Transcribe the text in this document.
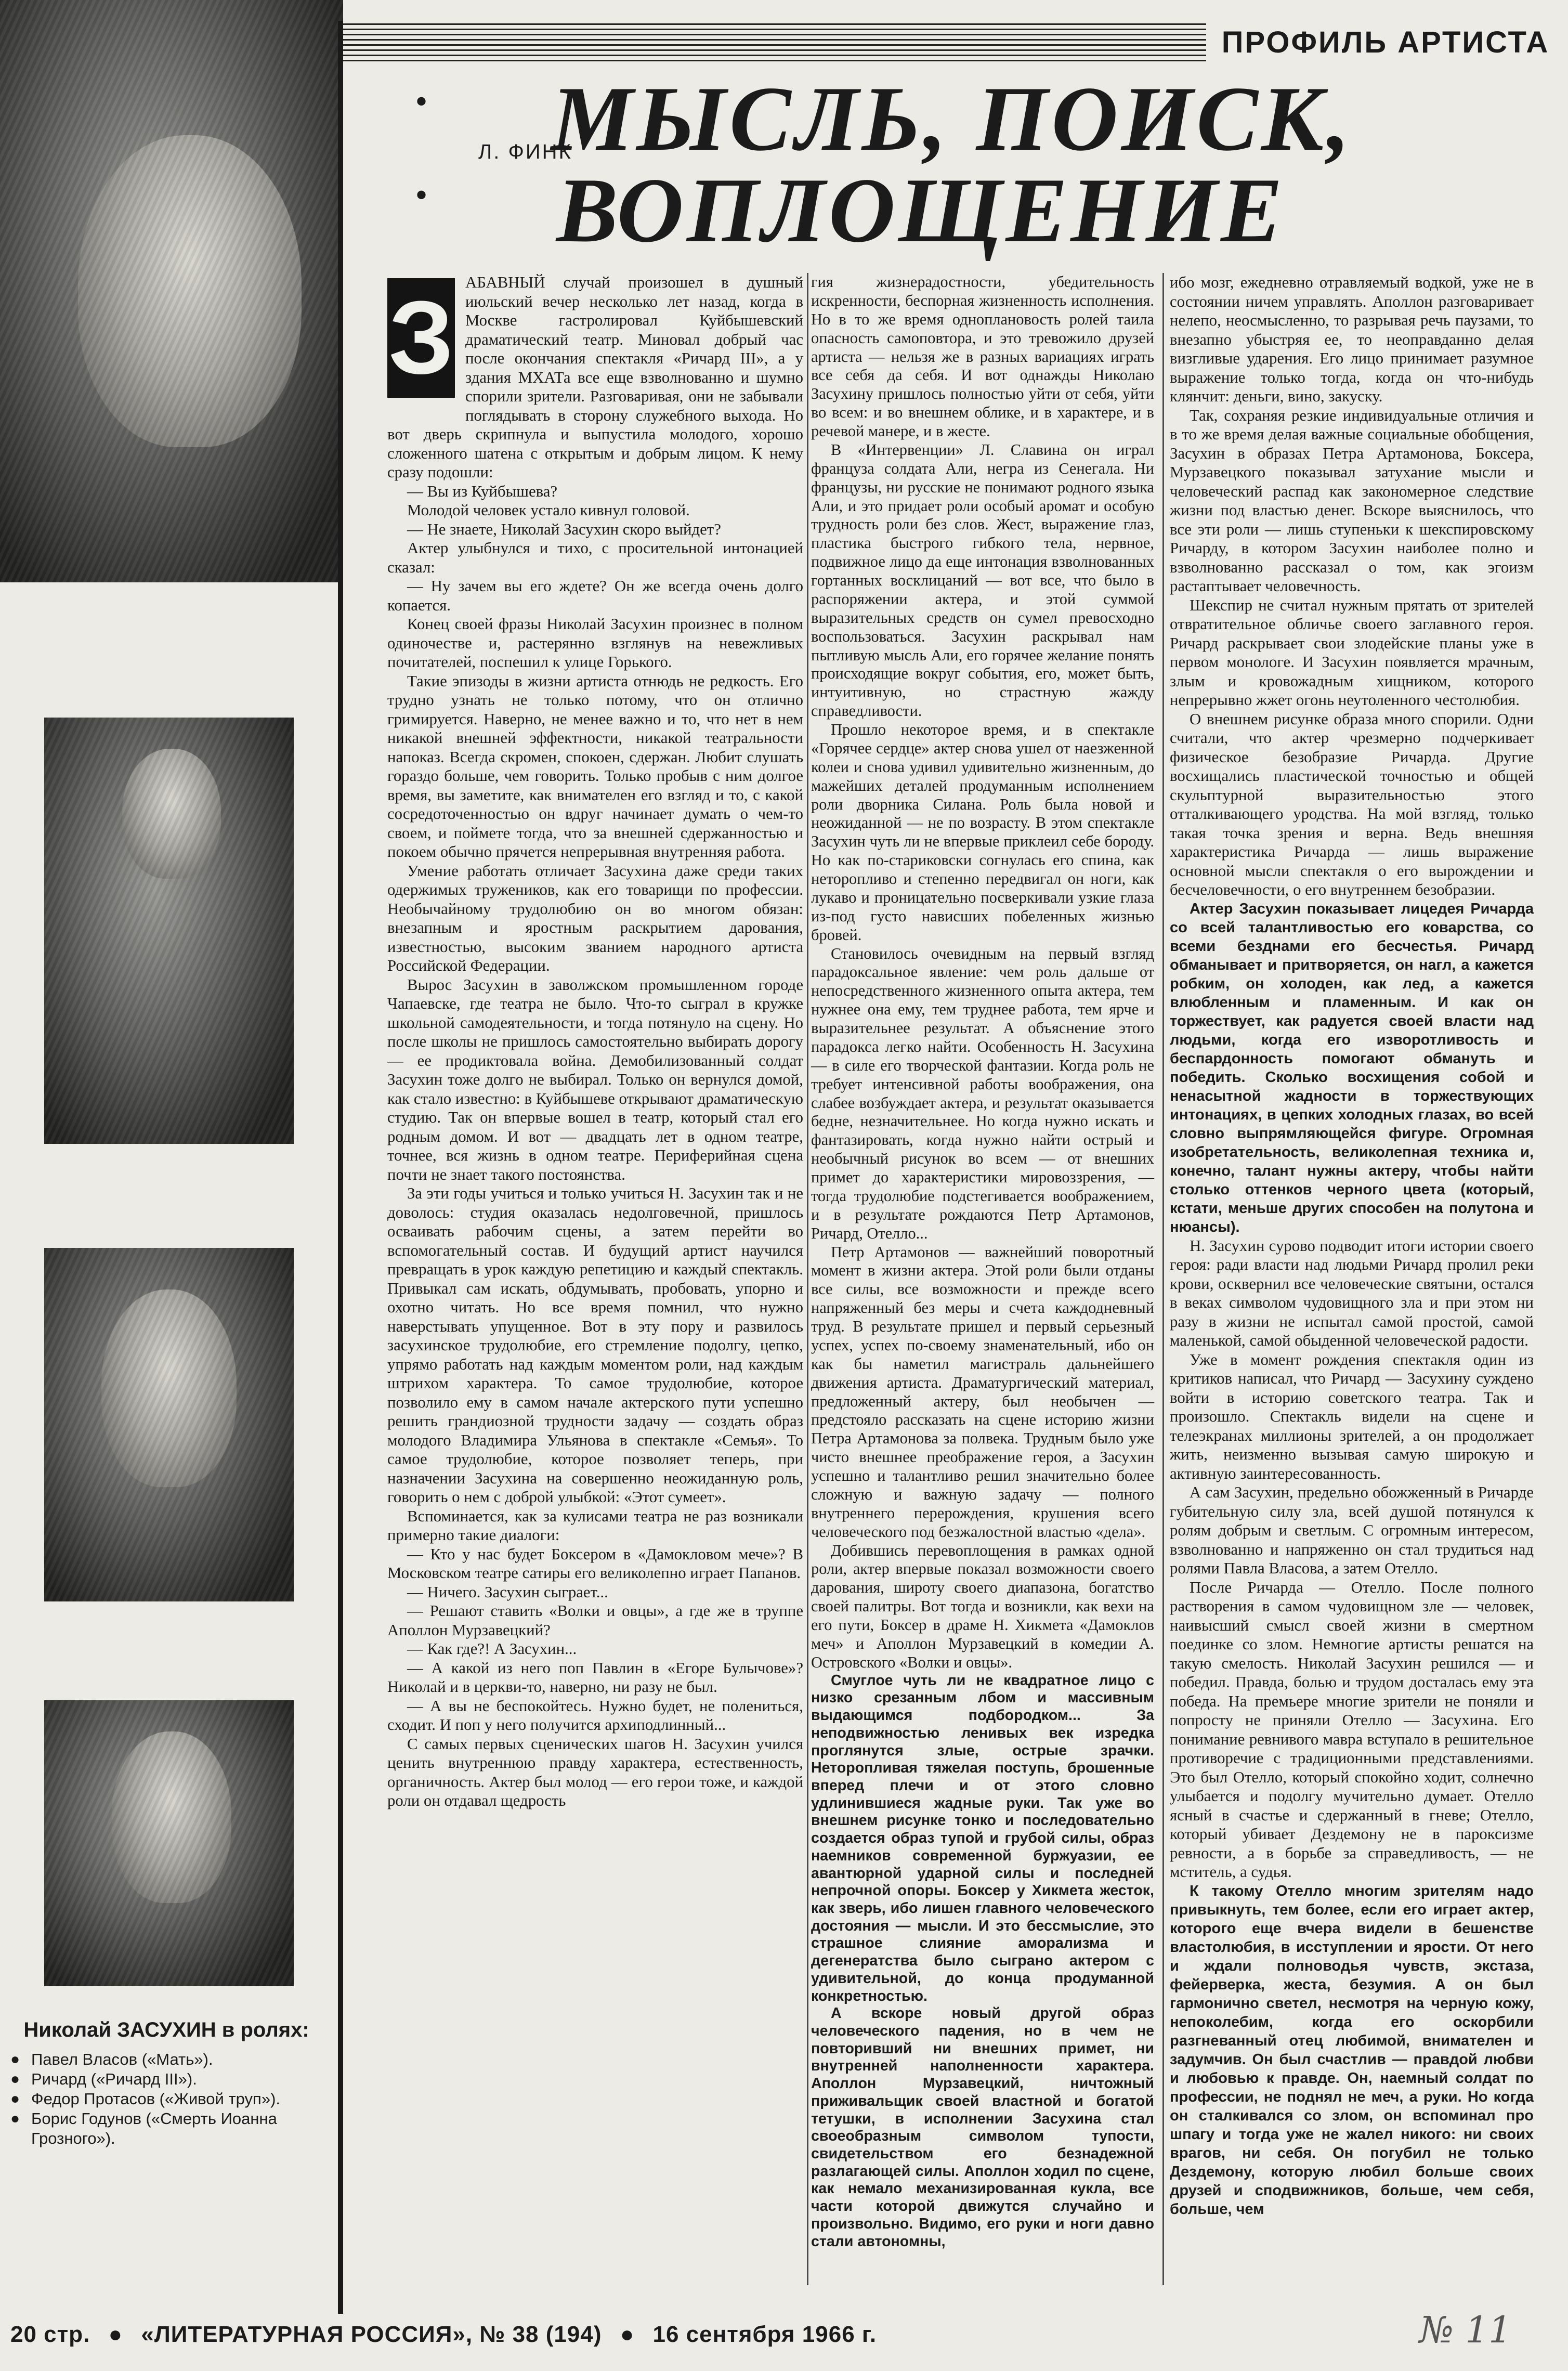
Николай ЗАСУХИН в ролях:
● Павел Власов («Мать»).
● Ричард («Ричард III»).
● Федор Протасов («Живой труп»).
● Борис Годунов («Смерть Иоанна Грозного»).
ПРОФИЛЬ АРТИСТА
•

•
Л. ФИНК
МЫСЛЬ, ПОИСК,
ВОПЛОЩЕНИЕ
З АБАВНЫЙ случай произошел в душный июльский вечер несколько лет назад, когда в Москве гастролировал Куйбышевский драматический театр. Миновал добрый час после окончания спектакля «Ричард III», а у здания МХАТа все еще взволнованно и шумно спорили зрители. Разговаривая, они не забывали поглядывать в сторону служебного выхода. Но вот дверь скрипнула и выпустила молодого, хорошо сложенного шатена с открытым и добрым лицом. К нему сразу подошли:

— Вы из Куйбышева?

Молодой человек устало кивнул головой.

— Не знаете, Николай Засухин скоро выйдет?

Актер улыбнулся и тихо, с просительной интонацией сказал:

— Ну зачем вы его ждете? Он же всегда очень долго копается.

Конец своей фразы Николай Засухин произнес в полном одиночестве и, растерянно взглянув на невежливых почитателей, поспешил к улице Горького.

Такие эпизоды в жизни артиста отнюдь не редкость. Его трудно узнать не только потому, что он отлично гримируется. Наверно, не менее важно и то, что нет в нем никакой внешней эффектности, никакой театральности напоказ. Всегда скромен, спокоен, сдержан. Любит слушать гораздо больше, чем говорить. Только пробыв с ним долгое время, вы заметите, как внимателен его взгляд и то, с какой сосредоточенностью он вдруг начинает думать о чем-то своем, и поймете тогда, что за внешней сдержанностью и покоем обычно прячется непрерывная внутренняя работа.

Умение работать отличает Засухина даже среди таких одержимых тружеников, как его товарищи по профессии. Необычайному трудолюбию он во многом обязан: внезапным и яростным раскрытием дарования, известностью, высоким званием народного артиста Российской Федерации.

Вырос Засухин в заволжском промышленном городе Чапаевске, где театра не было. Что-то сыграл в кружке школьной самодеятельности, и тогда потянуло на сцену. Но после школы не пришлось самостоятельно выбирать дорогу — ее продиктовала война. Демобилизованный солдат Засухин тоже долго не выбирал. Только он вернулся домой, как стало известно: в Куйбышеве открывают драматическую студию. Так он впервые вошел в театр, который стал его родным домом. И вот — двадцать лет в одном театре, точнее, вся жизнь в одном театре. Периферийная сцена почти не знает такого постоянства.

За эти годы учиться и только учиться Н. Засухин так и не доволось: студия оказалась недолговечной, пришлось осваивать рабочим сцены, а затем перейти во вспомогательный состав. И будущий артист научился превращать в урок каждую репетицию и каждый спектакль. Привыкал сам искать, обдумывать, пробовать, упорно и охотно читать. Но все время помнил, что нужно наверстывать упущенное. Вот в эту пору и развилось засухинское трудолюбие, его стремление подолгу, цепко, упрямо работать над каждым моментом роли, над каждым штрихом характера. То самое трудолюбие, которое позволило ему в самом начале актерского пути успешно решить грандиозной трудности задачу — создать образ молодого Владимира Ульянова в спектакле «Семья». То самое трудолюбие, которое позволяет теперь, при назначении Засухина на совершенно неожиданную роль, говорить о нем с доброй улыбкой: «Этот сумеет».

Вспоминается, как за кулисами театра не раз возникали примерно такие диалоги:

— Кто у нас будет Боксером в «Дамокловом мече»? В Московском театре сатиры его великолепно играет Папанов.

— Ничего. Засухин сыграет...

— Решают ставить «Волки и овцы», а где же в труппе Аполлон Мурзавецкий?

— Как где?! А Засухин...

— А какой из него поп Павлин в «Егоре Булычове»? Николай и в церкви-то, наверно, ни разу не был.

— А вы не беспокойтесь. Нужно будет, не полениться, сходит. И поп у него получится архиподлинный...

С самых первых сценических шагов Н. Засухин учился ценить внутреннюю правду характера, естественность, органичность. Актер был молод — его герои тоже, и каждой роли он отдавал щедрость

гия жизнерадостности, убедительность искренности, беспорная жизненность исполнения. Но в то же время одноплановость ролей таила опасность самоповтора, и это тревожило друзей артиста — нельзя же в разных вариациях играть все себя да себя. И вот однажды Николаю Засухину пришлось полностью уйти от себя, уйти во всем: и во внешнем облике, и в характере, и в речевой манере, и в жесте.

В «Интервенции» Л. Славина он играл француза солдата Али, негра из Сенегала. Ни французы, ни русские не понимают родного языка Али, и это придает роли особый аромат и особую трудность роли без слов. Жест, выражение глаз, пластика быстрого гибкого тела, нервное, подвижное лицо да еще интонация взволнованных гортанных восклицаний — вот все, что было в распоряжении актера, и этой суммой выразительных средств он сумел превосходно воспользоваться. Засухин раскрывал нам пытливую мысль Али, его горячее желание понять происходящие вокруг события, его, может быть, интуитивную, но страстную жажду справедливости.

Прошло некоторое время, и в спектакле «Горячее сердце» актер снова ушел от наезженной колеи и снова удивил удивительно жизненным, до мажейших деталей продуманным исполнением роли дворника Силана. Роль была новой и неожиданной — не по возрасту. В этом спектакле Засухин чуть ли не впервые приклеил себе бороду. Но как по-стариковски согнулась его спина, как неторопливо и степенно передвигал он ноги, как лукаво и проницательно посверкивали узкие глаза из-под густо нависших побеленных жизнью бровей.

Становилось очевидным на первый взгляд парадоксальное явление: чем роль дальше от непосредственного жизненного опыта актера, тем нужнее она ему, тем труднее работа, тем ярче и выразительнее результат. А объяснение этого парадокса легко найти. Особенность Н. Засухина — в силе его творческой фантазии. Когда роль не требует интенсивной работы воображения, она слабее возбуждает актера, и результат оказывается бедне, незначительнее. Но когда нужно искать и фантазировать, когда нужно найти острый и необычный рисунок во всем — от внешних примет до характеристики мировоззрения, — тогда трудолюбие подстегивается воображением, и в результате рождаются Петр Артамонов, Ричард, Отелло...

Петр Артамонов — важнейший поворотный момент в жизни актера. Этой роли были отданы все силы, все возможности и прежде всего напряженный без меры и счета каждодневный труд. В результате пришел и первый серьезный успех, успех по-своему знаменательный, ибо он как бы наметил магистраль дальнейшего движения артиста. Драматургический материал, предложенный актеру, был необычен — предстояло рассказать на сцене историю жизни Петра Артамонова за полвека. Трудным было уже чисто внешнее преображение героя, а Засухин успешно и талантливо решил значительно более сложную и важную задачу — полного внутреннего перерождения, крушения всего человеческого под безжалостной властью «дела».

Добившись перевоплощения в рамках одной роли, актер впервые показал возможности своего дарования, широту своего диапазона, богатство своей палитры. Вот тогда и возникли, как вехи на его пути, Боксер в драме Н. Хикмета «Дамоклов меч» и Аполлон Мурзавецкий в комедии А. Островского «Волки и овцы».

Смуглое чуть ли не квадратное лицо с низко срезанным лбом и массивным выдающимся подбородком... За неподвижностью ленивых век изредка проглянутся злые, острые зрачки. Неторопливая тяжелая поступь, брошенные вперед плечи и от этого словно удлинившиеся жадные руки. Так уже во внешнем рисунке тонко и последовательно создается образ тупой и грубой силы, образ наемников современной буржуазии, ее авантюрной ударной силы и последней непрочной опоры. Боксер у Хикмета жесток, как зверь, ибо лишен главного человеческого достояния — мысли. И это бессмыслие, это страшное слияние аморализма и дегенератства было сыграно актером с удивительной, до конца продуманной конкретностью.

А вскоре новый другой образ человеческого падения, но в чем не повторивший ни внешних примет, ни внутренней наполненности характера. Аполлон Мурзавецкий, ничтожный приживальщик своей властной и богатой тетушки, в исполнении Засухина стал своеобразным символом тупости, свидетельством его безнадежной разлагающей силы. Аполлон ходил по сцене, как немало механизированная кукла, все части которой движутся случайно и произвольно. Видимо, его руки и ноги давно стали автономны,

ибо мозг, ежедневно отравляемый водкой, уже не в состоянии ничем управлять. Аполлон разговаривает нелепо, неосмысленно, то разрывая речь паузами, то внезапно убыстряя ее, то неоправданно делая визгливые ударения. Его лицо принимает разумное выражение только тогда, когда он что-нибудь клянчит: деньги, вино, закуску.

Так, сохраняя резкие индивидуальные отличия и в то же время делая важные социальные обобщения, Засухин в образах Петра Артамонова, Боксера, Мурзавецкого показывал затухание мысли и человеческий распад как закономерное следствие жизни под властью денег. Вскоре выяснилось, что все эти роли — лишь ступеньки к шекспировскому Ричарду, в котором Засухин наиболее полно и взволнованно рассказал о том, как эгоизм растаптывает человечность.

Шекспир не считал нужным прятать от зрителей отвратительное обличье своего заглавного героя. Ричард раскрывает свои злодейские планы уже в первом монологе. И Засухин появляется мрачным, злым и кровожадным хищником, которого непрерывно жжет огонь неутоленного честолюбия.

О внешнем рисунке образа много спорили. Одни считали, что актер чрезмерно подчеркивает физическое безобразие Ричарда. Другие восхищались пластической точностью и общей скульптурной выразительностью этого отталкивающего уродства. На мой взгляд, только такая точка зрения и верна. Ведь внешняя характеристика Ричарда — лишь выражение основной мысли спектакля о его вырождении и бесчеловечности, о его внутреннем безобразии.

Актер Засухин показывает лицедея Ричарда со всей талантливостью его коварства, со всеми безднами его бесчестья. Ричард обманывает и притворяется, он нагл, а кажется робким, он холоден, как лед, а кажется влюбленным и пламенным. И как он торжествует, как радуется своей власти над людьми, когда его изворотливость и беспардонность помогают обмануть и победить. Сколько восхищения собой и ненасытной жадности в торжествующих интонациях, в цепких холодных глазах, во всей словно выпрямляющейся фигуре. Огромная изобретательность, великолепная техника и, конечно, талант нужны актеру, чтобы найти столько оттенков черного цвета (который, кстати, меньше других способен на полутона и нюансы).

Н. Засухин сурово подводит итоги истории своего героя: ради власти над людьми Ричард пролил реки крови, осквернил все человеческие святыни, остался в веках символом чудовищного зла и при этом ни разу в жизни не испытал самой простой, самой маленькой, самой обыденной человеческой радости.

Уже в момент рождения спектакля один из критиков написал, что Ричард — Засухину суждено войти в историю советского театра. Так и произошло. Спектакль видели на сцене и телеэкранах миллионы зрителей, а он продолжает жить, неизменно вызывая самую широкую и активную заинтересованность.

А сам Засухин, предельно обожженный в Ричарде губительную силу зла, всей душой потянулся к ролям добрым и светлым. С огромным интересом, взволнованно и напряженно он стал трудиться над ролями Павла Власова, а затем Отелло.

После Ричарда — Отелло. После полного растворения в самом чудовищном зле — человек, наивысший смысл своей жизни в смертном поединке со злом. Немногие артисты решатся на такую смелость. Николай Засухин решился — и победил. Правда, болью и трудом досталась ему эта победа. На премьере многие зрители не поняли и попросту не приняли Отелло — Засухина. Его понимание ревнивого мавра вступало в решительное противоречие с традиционными представлениями. Это был Отелло, который спокойно ходит, солнечно улыбается и подолгу мучительно думает. Отелло ясный в счастье и сдержанный в гневе; Отелло, который убивает Дездемону не в пароксизме ревности, а в борьбе за справедливость, — не мститель, а судья.

К такому Отелло многим зрителям надо привыкнуть, тем более, если его играет актер, которого еще вчера видели в бешенстве властолюбия, в исступлении и ярости. От него и ждали полноводья чувств, экстаза, фейерверка, жеста, безумия. А он был гармонично светел, несмотря на черную кожу, непоколебим, когда его оскорбили разгневанный отец любимой, внимателен и задумчив. Он был счастлив — правдой любви и любовью к правде. Он, наемный солдат по профессии, не поднял не меч, а руки. Но когда он сталкивался со злом, он вспоминал про шпагу и тогда уже не жалел никого: ни своих врагов, ни себя. Он погубил не только Дездемону, которую любил больше своих друзей и сподвижников, больше, чем себя, больше, чем

20 стр. ● «ЛИТЕРАТУРНАЯ РОССИЯ», № 38 (194) ● 16 сентября 1966 г.	№ 11
